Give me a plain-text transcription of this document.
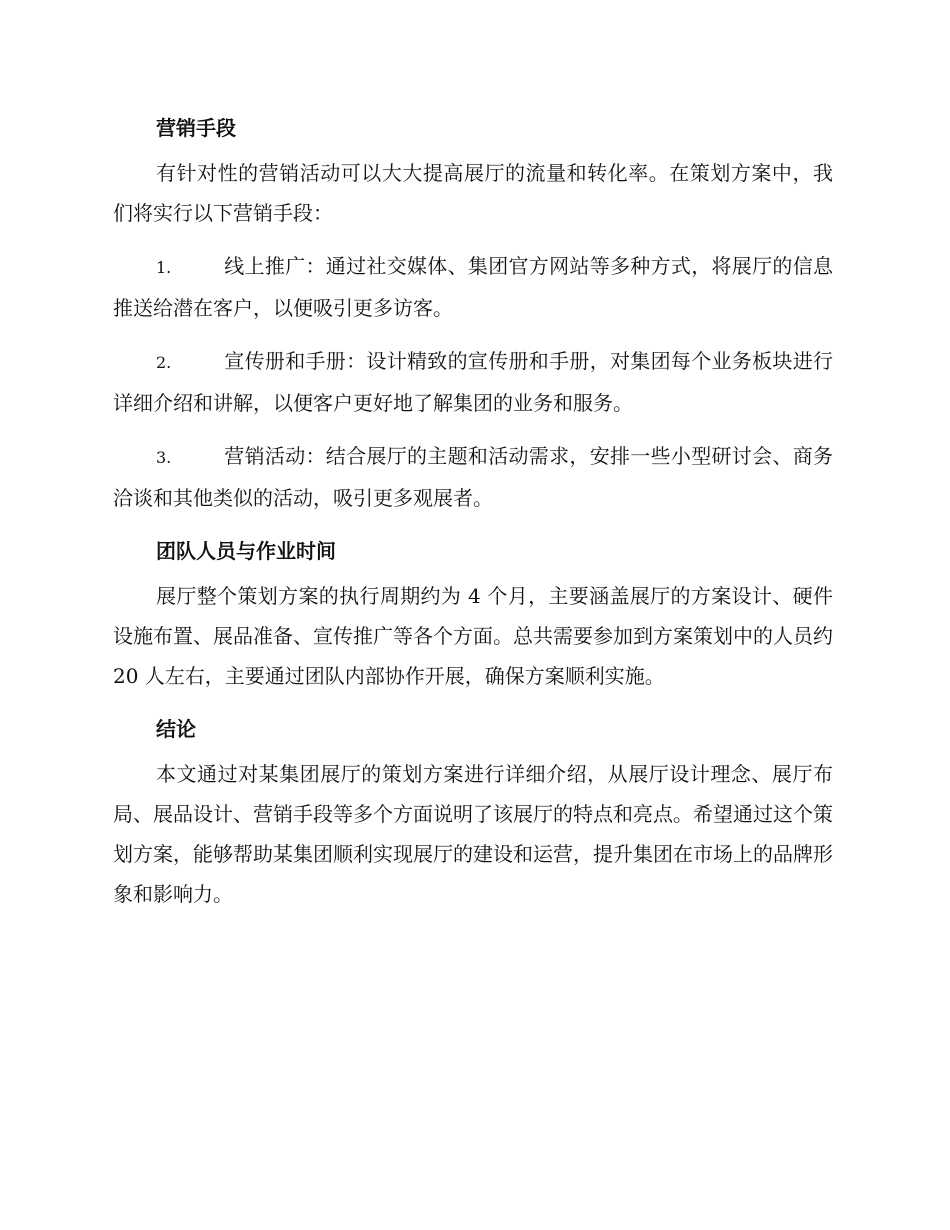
营销手段

有针对性的营销活动可以大大提高展厅的流量和转化率。在策划方案中，我们将实行以下营销手段：

1.	线上推广：通过社交媒体、集团官方网站等多种方式，将展厅的信息推送给潜在客户，以便吸引更多访客。

2.	宣传册和手册：设计精致的宣传册和手册，对集团每个业务板块进行详细介绍和讲解，以便客户更好地了解集团的业务和服务。

3.	营销活动：结合展厅的主题和活动需求，安排一些小型研讨会、商务洽谈和其他类似的活动，吸引更多观展者。

团队人员与作业时间

展厅整个策划方案的执行周期约为 4 个月，主要涵盖展厅的方案设计、硬件设施布置、展品准备、宣传推广等各个方面。总共需要参加到方案策划中的人员约 20 人左右，主要通过团队内部协作开展，确保方案顺利实施。

结论

本文通过对某集团展厅的策划方案进行详细介绍，从展厅设计理念、展厅布局、展品设计、营销手段等多个方面说明了该展厅的特点和亮点。希望通过这个策划方案，能够帮助某集团顺利实现展厅的建设和运营，提升集团在市场上的品牌形象和影响力。
